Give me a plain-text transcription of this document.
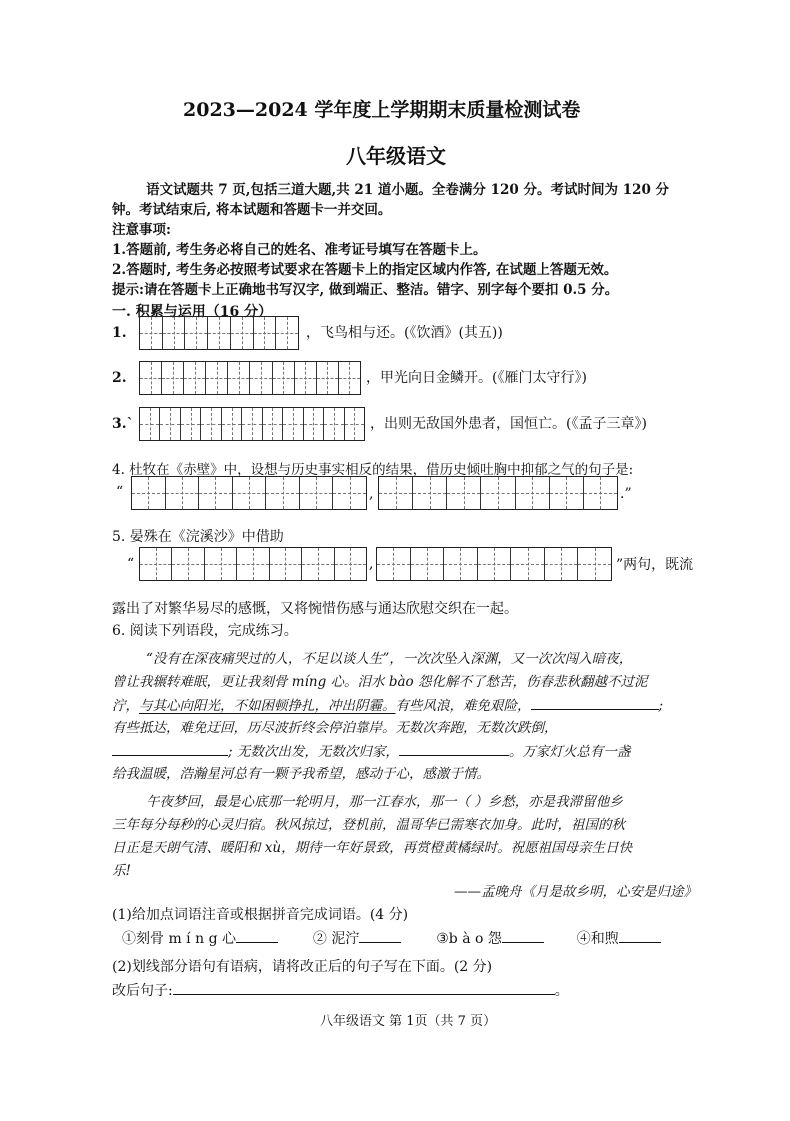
2023—2024 学年度上学期期末质量检测试卷
八年级语文
语文试题共 7 页,包括三道大题,共 21 道小题。全卷满分 120 分。考试时间为 120 分
钟。考试结束后, 将本试题和答题卡一并交回。
注意事项:
1.答题前, 考生务必将自己的姓名、准考证号填写在答题卡上。
2.答题时, 考生务必按照考试要求在答题卡上的指定区域内作答, 在试题上答题无效。
提示:请在答题卡上正确地书写汉字, 做到端正、整洁。错字、别字每个要扣 0.5 分。
一. 积累与运用（16 分）
1.	，飞鸟相与还。(《饮酒》(其五))
2.	，甲光向日金鳞开。(《雁门太守行》)
3.`	，出则无敌国外患者，国恒亡。(《孟子三章》)
4. 杜牧在《赤壁》中，设想与历史事实相反的结果，借历史倾吐胸中抑郁之气的句子是:
“	,	.”
5. 晏殊在《浣溪沙》中借助
“	,	”两句，既流
露出了对繁华易尽的感慨，又将惋惜伤感与通达欣慰交织在一起。
6. 阅读下列语段，完成练习。
“没有在深夜痛哭过的人，不足以谈人生”，一次次坠入深渊，又一次次闯入暗夜，
曾让我辗转难眠，更让我刻骨 míng 心。泪水 bào 怨化解不了愁苦，伤春悲秋翻越不过泥
泞，与其心向阳光，不如困顿挣扎，冲出阴霾。有些风浪，难免艰险，	;
有些抵达，难免迂回，历尽波折终会停泊靠岸。无数次奔跑，无数次跌倒，
; 无数次出发，无数次归家，	。万家灯火总有一盏
给我温暖，浩瀚星河总有一颗予我希望，感动于心，感激于情。
午夜梦回，最是心底那一轮明月，那一江春水，那一（ ）乡愁，亦是我滞留他乡
三年每分每秒的心灵归宿。秋风掠过，登机前，温哥华已需寒衣加身。此时，祖国的秋
日正是天朗气清、暖阳和 xù，期待一年好景致，再赏橙黄橘绿时。祝愿祖国母亲生日快
乐!
——孟晚舟《月是故乡明，心安是归途》
(1)给加点词语注音或根据拼音完成词语。(4 分)
①刻骨 m í n g 心	② 泥泞	③b à o 怨	④和煦
(2)划线部分语句有语病，请将改正后的句子写在下面。(2 分)
改后句子:	。
八年级语文 第 1页（共 7 页）
